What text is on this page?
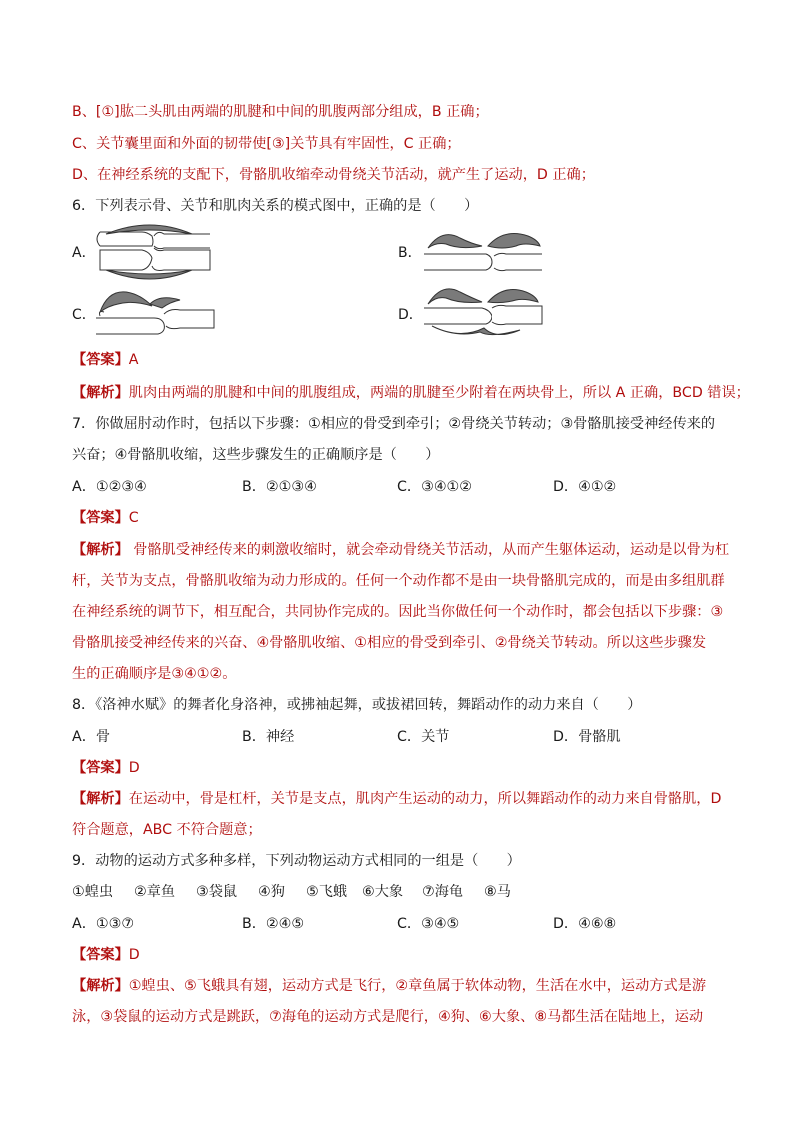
B、[①]肱二头肌由两端的肌腱和中间的肌腹两部分组成，B 正确；
C、关节囊里面和外面的韧带使[③]关节具有牢固性，C 正确；
D、在神经系统的支配下，骨骼肌收缩牵动骨绕关节活动，就产生了运动，D 正确；
6．下列表示骨、关节和肌肉关系的模式图中，正确的是（　　）
A．	B．
C．	D．
【答案】A
【解析】肌肉由两端的肌腱和中间的肌腹组成，两端的肌腱至少附着在两块骨上，所以 A 正确，BCD 错误；
7．你做屈肘动作时，包括以下步骤：①相应的骨受到牵引；②骨绕关节转动；③骨骼肌接受神经传来的
兴奋；④骨骼肌收缩，这些步骤发生的正确顺序是（　　）
A．①②③④	B．②①③④	C．③④①②	D．④①②
【答案】C
【解析】 骨骼肌受神经传来的刺激收缩时，就会牵动骨绕关节活动，从而产生躯体运动，运动是以骨为杠
杆，关节为支点，骨骼肌收缩为动力形成的。任何一个动作都不是由一块骨骼肌完成的，而是由多组肌群
在神经系统的调节下，相互配合，共同协作完成的。因此当你做任何一个动作时，都会包括以下步骤：③
骨骼肌接受神经传来的兴奋、④骨骼肌收缩、①相应的骨受到牵引、②骨绕关节转动。所以这些步骤发
生的正确顺序是③④①②。
8．《洛神水赋》的舞者化身洛神，或拂袖起舞，或拔裙回转，舞蹈动作的动力来自（　　）
A．骨	B．神经	C．关节	D．骨骼肌
【答案】D
【解析】在运动中，骨是杠杆，关节是支点，肌肉产生运动的动力，所以舞蹈动作的动力来自骨骼肌，D
符合题意，ABC 不符合题意；
9．动物的运动方式多种多样，下列动物运动方式相同的一组是（　　）
①蝗虫 ②章鱼 ③袋鼠 ④狗 ⑤飞蛾 ⑥大象 ⑦海龟 ⑧马
A．①③⑦	B．②④⑤	C．③④⑤	D．④⑥⑧
【答案】D
【解析】①蝗虫、⑤飞蛾具有翅，运动方式是飞行，②章鱼属于软体动物，生活在水中，运动方式是游
泳，③袋鼠的运动方式是跳跃，⑦海龟的运动方式是爬行，④狗、⑥大象、⑧马都生活在陆地上，运动
